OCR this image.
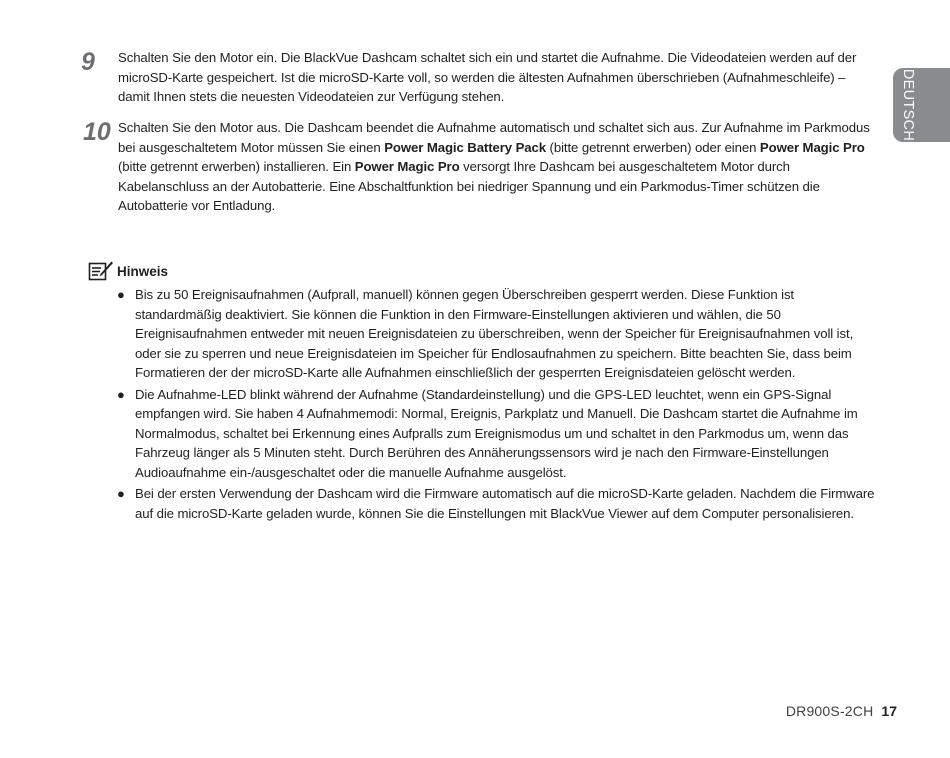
9 Schalten Sie den Motor ein. Die BlackVue Dashcam schaltet sich ein und startet die Aufnahme. Die Videodateien werden auf der microSD-Karte gespeichert. Ist die microSD-Karte voll, so werden die ältesten Aufnahmen überschrieben (Aufnahmeschleife) – damit Ihnen stets die neuesten Videodateien zur Verfügung stehen.
10 Schalten Sie den Motor aus. Die Dashcam beendet die Aufnahme automatisch und schaltet sich aus. Zur Aufnahme im Parkmodus bei ausgeschaltetem Motor müssen Sie einen Power Magic Battery Pack (bitte getrennt erwerben) oder einen Power Magic Pro (bitte getrennt erwerben) installieren. Ein Power Magic Pro versorgt Ihre Dashcam bei ausgeschaltetem Motor durch Kabelanschluss an der Autobatterie. Eine Abschaltfunktion bei niedriger Spannung und ein Parkmodus-Timer schützen die Autobatterie vor Entladung.
DEUTSCH
Hinweis
● Bis zu 50 Ereignisaufnahmen (Aufprall, manuell) können gegen Überschreiben gesperrt werden. Diese Funktion ist standardmäßig deaktiviert. Sie können die Funktion in den Firmware-Einstellungen aktivieren und wählen, die 50 Ereignisaufnahmen entweder mit neuen Ereignisdateien zu überschreiben, wenn der Speicher für Ereignisaufnahmen voll ist, oder sie zu sperren und neue Ereignisdateien im Speicher für Endlosaufnahmen zu speichern. Bitte beachten Sie, dass beim Formatieren der der microSD-Karte alle Aufnahmen einschließlich der gesperrten Ereignisdateien gelöscht werden.
● Die Aufnahme-LED blinkt während der Aufnahme (Standardeinstellung) und die GPS-LED leuchtet, wenn ein GPS-Signal empfangen wird. Sie haben 4 Aufnahmemodi: Normal, Ereignis, Parkplatz und Manuell. Die Dashcam startet die Aufnahme im Normalmodus, schaltet bei Erkennung eines Aufpralls zum Ereignismodus um und schaltet in den Parkmodus um, wenn das Fahrzeug länger als 5 Minuten steht. Durch Berühren des Annäherungssensors wird je nach den Firmware-Einstellungen Audioaufnahme ein-/ausgeschaltet oder die manuelle Aufnahme ausgelöst.
● Bei der ersten Verwendung der Dashcam wird die Firmware automatisch auf die microSD-Karte geladen. Nachdem die Firmware auf die microSD-Karte geladen wurde, können Sie die Einstellungen mit BlackVue Viewer auf dem Computer personalisieren.
DR900S-2CH 17
